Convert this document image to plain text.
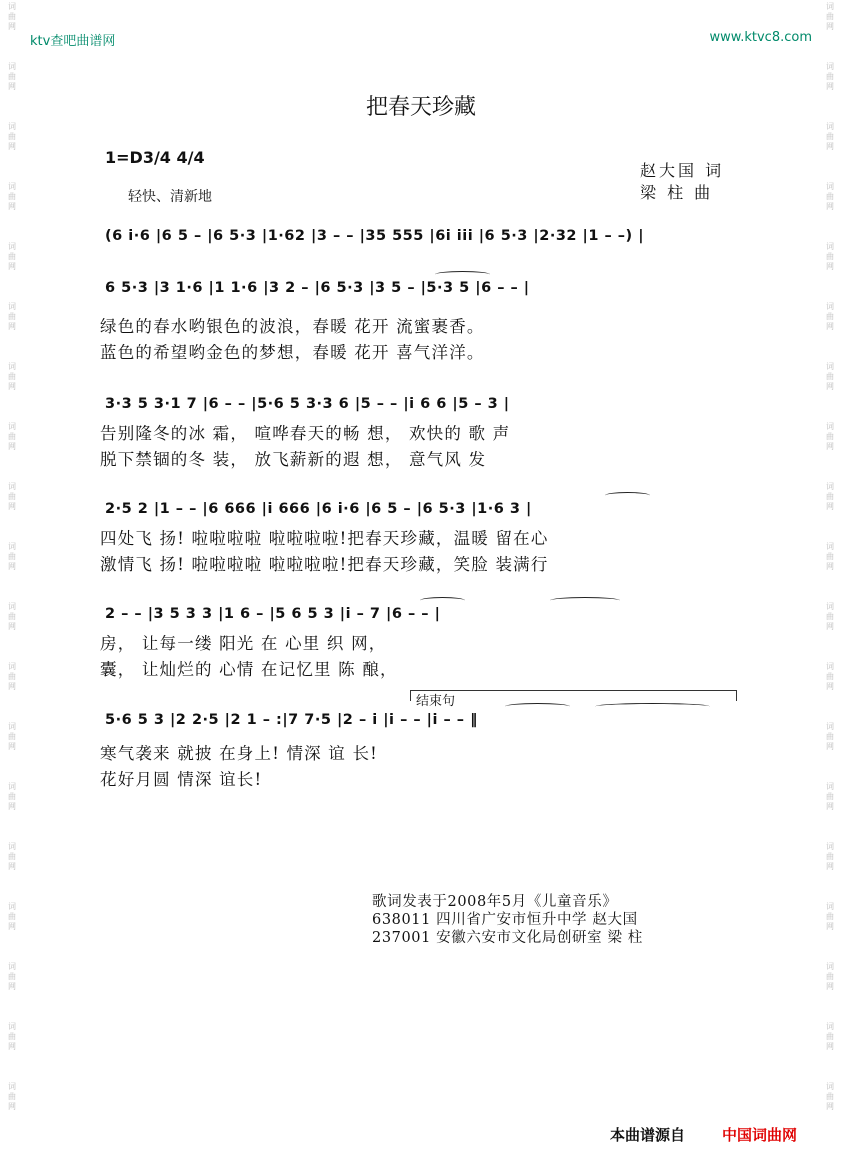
词
曲
网
词
曲
网
词
曲
网
词
曲
网
词
曲
网
词
曲
网
词
曲
网
词
曲
网
词
曲
网
词
曲
网
词
曲
网
词
曲
网
词
曲
网
词
曲
网
词
曲
网
词
曲
网
词
曲
网
词
曲
网
词
曲
网
词
曲
网
词
曲
网
词
曲
网
词
曲
网
词
曲
网
词
曲
网
词
曲
网
词
曲
网
词
曲
网
词
曲
网
词
曲
网
词
曲
网
词
曲
网
词
曲
网
词
曲
网
词
曲
网
词
曲
网
词
曲
网
词
曲
网
ktv查吧曲谱网	www.ktvc8.com
把春天珍藏
1=D3/4 4/4
赵大国 词
梁 柱 曲
轻快、清新地
(6 i·6 |6 5 – |6 5·3 |1·62 |3 – – |35 555 |6i iii |6 5·3 |2·32 |1 – –) |
6 5·3 |3 1·6 |1 1·6 |3 2 – |6 5·3 |3 5 – |5·3 5 |6 – – |
绿色的春水哟银色的波浪，春暖 花开 流蜜裹香。
蓝色的希望哟金色的梦想，春暖 花开 喜气洋洋。
3·3 5 3·1 7 |6 – – |5·6 5 3·3 6 |5 – – |i 6 6 |5 – 3 |
告别隆冬的冰 霜， 喧哗春天的畅 想， 欢快的 歌 声
脱下禁锢的冬 装， 放飞薪新的遐 想， 意气风 发
2·5 2 |1 – – |6 666 |i 666 |6 i·6 |6 5 – |6 5·3 |1·6 3 |
四处飞 扬! 啦啦啦啦 啦啦啦啦!把春天珍藏，温暖 留在心
激情飞 扬! 啦啦啦啦 啦啦啦啦!把春天珍藏，笑脸 装满行
2 – – |3 5 3 3 |1 6 – |5 6 5 3 |i – 7 |6 – – |
房， 让每一缕 阳光 在 心里 织 网，
囊， 让灿烂的 心情 在记忆里 陈 酿，
结束句
5·6 5 3 |2 2·5 |2 1 – :|7 7·5 |2 – i |i – – |i – – ‖
寒气袭来 就披 在身上! 情深 谊 长!
花好月圆 情深 谊长!
歌词发表于2008年5月《儿童音乐》
638011 四川省广安市恒升中学 赵大国
237001 安徽六安市文化局创研室 梁 柱
本曲谱源自 中国词曲网
